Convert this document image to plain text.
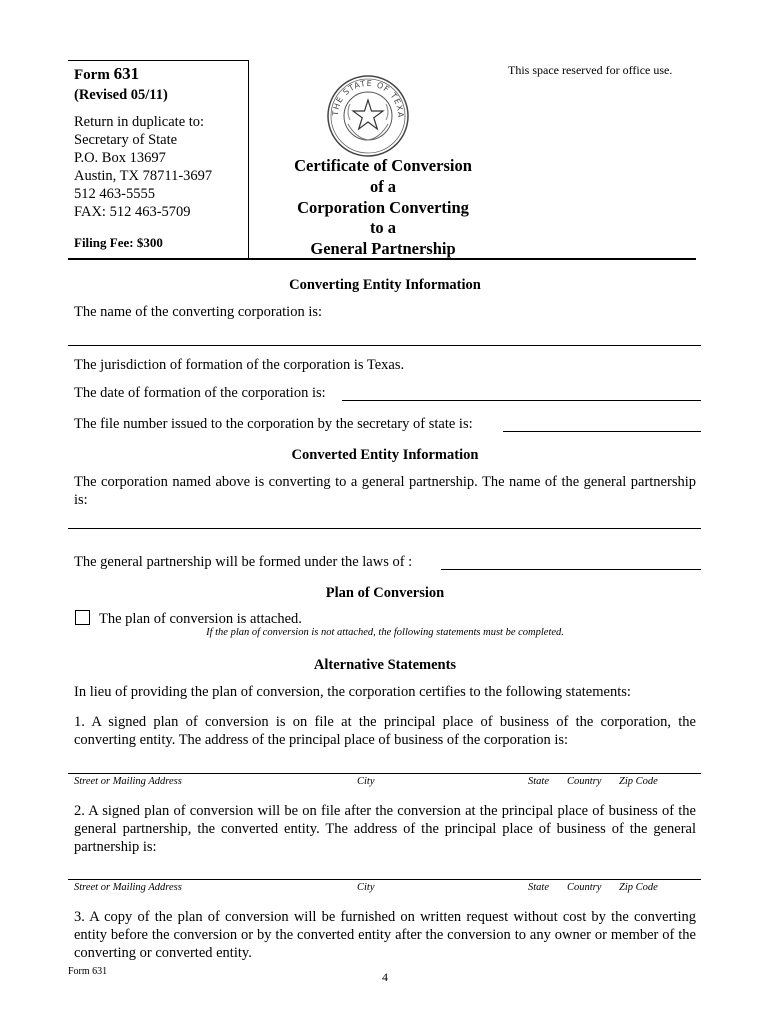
Form 631
(Revised 05/11)
Return in duplicate to:
Secretary of State
P.O. Box 13697
Austin, TX 78711-3697
512 463-5555
FAX: 512 463-5709
Filing Fee: $300
THE STATE OF TEXA
Certificate of Conversion
of a
Corporation Converting
to a
General Partnership
This space reserved for office use.
Converting Entity Information
The name of the converting corporation is:
The jurisdiction of formation of the corporation is Texas.
The date of formation of the corporation is:
The file number issued to the corporation by the secretary of state is:
Converted Entity Information
The corporation named above is converting to a general partnership. The name of the general partnership is:
The general partnership will be formed under the laws of :
Plan of Conversion
The plan of conversion is attached.
If the plan of conversion is not attached, the following statements must be completed.
Alternative Statements
In lieu of providing the plan of conversion, the corporation certifies to the following statements:
1. A signed plan of conversion is on file at the principal place of business of the corporation, the converting entity. The address of the principal place of business of the corporation is:
Street or Mailing Address	City	State Country Zip Code
2. A signed plan of conversion will be on file after the conversion at the principal place of business of the general partnership, the converted entity. The address of the principal place of business of the general partnership is:
Street or Mailing Address	City	State Country Zip Code
3. A copy of the plan of conversion will be furnished on written request without cost by the converting entity before the conversion or by the converted entity after the conversion to any owner or member of the converting or converted entity.
Form 631	4
